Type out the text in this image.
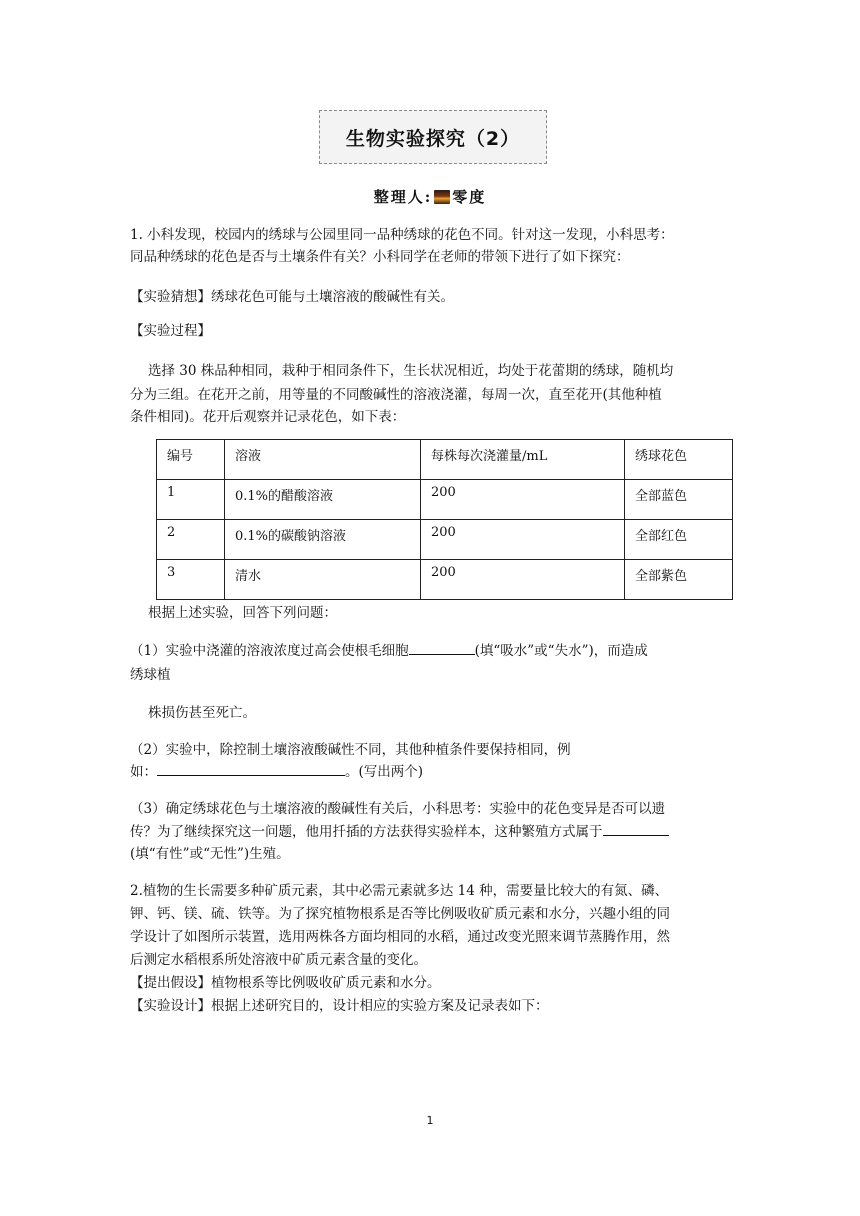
生物实验探究（2）
整理人: 零度
1. 小科发现，校园内的绣球与公园里同一品种绣球的花色不同。针对这一发现，小科思考：
同品种绣球的花色是否与土壤条件有关？小科同学在老师的带领下进行了如下探究：
【实验猜想】绣球花色可能与土壤溶液的酸碱性有关。
【实验过程】
选择 30 株品种相同，栽种于相同条件下，生长状况相近，均处于花蕾期的绣球，随机均
分为三组。在花开之前，用等量的不同酸碱性的溶液浇灌，每周一次，直至花开(其他种植
条件相同)。花开后观察并记录花色，如下表：
编号	溶液	每株每次浇灌量/mL	绣球花色
1	0.1%的醋酸溶液	200	全部蓝色
2	0.1%的碳酸钠溶液	200	全部红色
3	清水	200	全部紫色
根据上述实验，回答下列问题：
（1）实验中浇灌的溶液浓度过高会使根毛细胞	(填“吸水”或“失水”)，而造成
绣球植
株损伤甚至死亡。
（2）实验中，除控制土壤溶液酸碱性不同，其他种植条件要保持相同，例
如：	。(写出两个)
（3）确定绣球花色与土壤溶液的酸碱性有关后，小科思考：实验中的花色变异是否可以遗
传？为了继续探究这一问题，他用扦插的方法获得实验样本，这种繁殖方式属于
(填“有性”或“无性”)生殖。
2.植物的生长需要多种矿质元素，其中必需元素就多达 14 种，需要量比较大的有氮、磷、
钾、钙、镁、硫、铁等。为了探究植物根系是否等比例吸收矿质元素和水分，兴趣小组的同
学设计了如图所示装置，选用两株各方面均相同的水稻，通过改变光照来调节蒸腾作用，然
后测定水稻根系所处溶液中矿质元素含量的变化。
【提出假设】植物根系等比例吸收矿质元素和水分。
【实验设计】根据上述研究目的，设计相应的实验方案及记录表如下：
1
